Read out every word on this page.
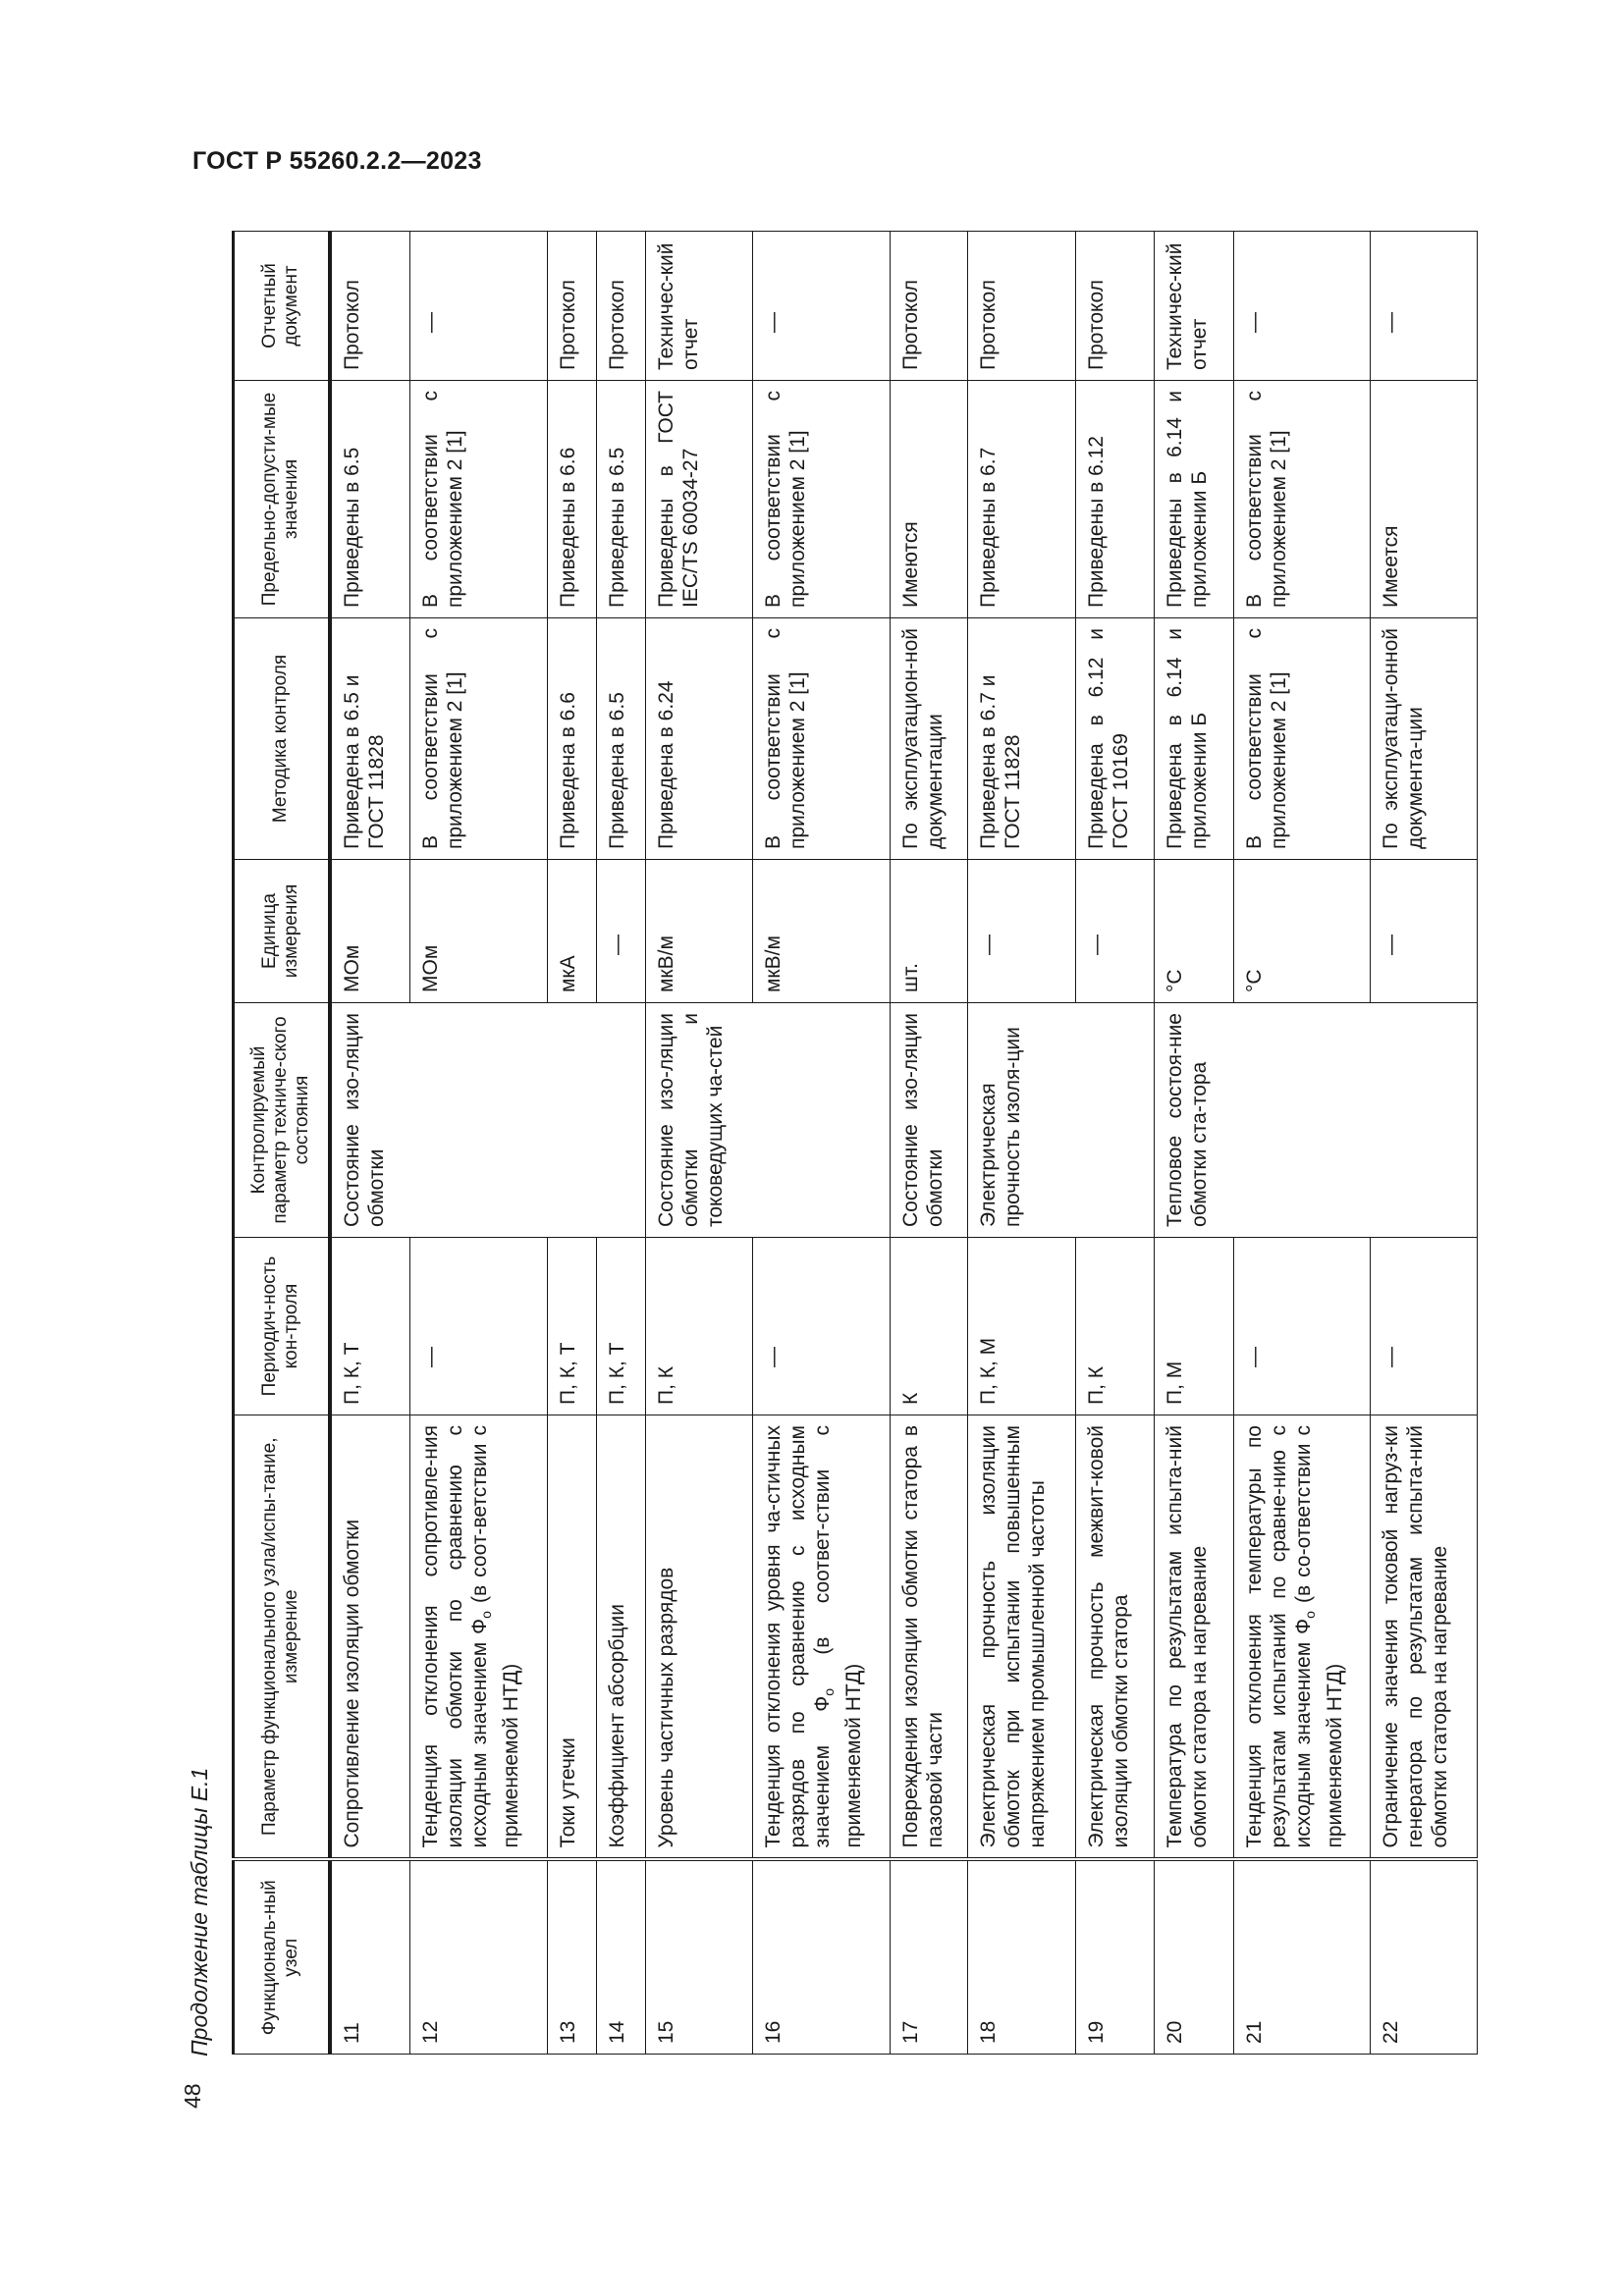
ГОСТ Р 55260.2.2—2023
Продолжение таблицы Е.1
48
Функциональ-ный узел	Параметр функционального узла/испы-тание, измерение	Периодич-ность кон-троля	Контролируемый параметр техниче-ского состояния	Единица измерения	Методика контроля	Предельно-допусти-мые значения	Отчетный документ
11	Сопротивление изоляции обмотки	П, К, Т	Состояние изо-ляции обмотки	МОм	Приведена в 6.5 и ГОСТ 11828	Приведены в 6.5	Протокол
12	Тенденция отклонения сопротивле-ния изоляции обмотки по сравнению с исходным значением $Ф_о$ (в соот-ветствии с применяемой НТД)	—		МОм	В соответствии с приложением 2 [1]	В соответствии с приложением 2 [1]	—
13	Токи утечки	П, К, Т		мкА	Приведена в 6.6	Приведены в 6.6	Протокол
14	Коэффициент абсорбции	П, К, Т		—	Приведена в 6.5	Приведены в 6.5	Протокол
15	Уровень частичных разрядов	П, К	Состояние изо-ляции обмотки и токоведущих ча-стей	мкВ/м	Приведена в 6.24	Приведены в ГОСТ IEC/TS 60034-27	Техничес-кий отчет
16	Тенденция отклонения уровня ча-стичных разрядов по сравнению с исходным значением $Ф_о$ (в соответ-ствии с применяемой НТД)	—		мкВ/м	В соответствии с приложением 2 [1]	В соответствии с приложением 2 [1]	—
17	Повреждения изоляции обмотки статора в пазовой части	К	Состояние изо-ляции обмотки	шт.	По эксплуатацион-ной документации	Имеются	Протокол
18	Электрическая прочность изоляции обмоток при испытании повышенным напряжением промышленной частоты	П, К, М	Электрическая прочность изоля-ции	—	Приведена в 6.7 и ГОСТ 11828	Приведены в 6.7	Протокол
19	Электрическая прочность межвит-ковой изоляции обмотки статора	П, К		—	Приведена в 6.12 и ГОСТ 10169	Приведены в 6.12	Протокол
20	Температура по результатам испыта-ний обмотки статора на нагревание	П, М	Тепловое состоя-ние обмотки ста-тора	°С	Приведена в 6.14 и приложении Б	Приведены в 6.14 и приложении Б	Техничес-кий отчет
21	Тенденция отклонения температуры по результатам испытаний по сравне-нию с исходным значением $Ф_о$ (в со-ответствии с применяемой НТД)	—		°С	В соответствии с приложением 2 [1]	В соответствии с приложением 2 [1]	—
22	Ограничение значения токовой нагруз-ки генератора по результатам испыта-ний обмотки статора на нагревание	—		—	По эксплуатаци-онной документа-ции	Имеется	—
